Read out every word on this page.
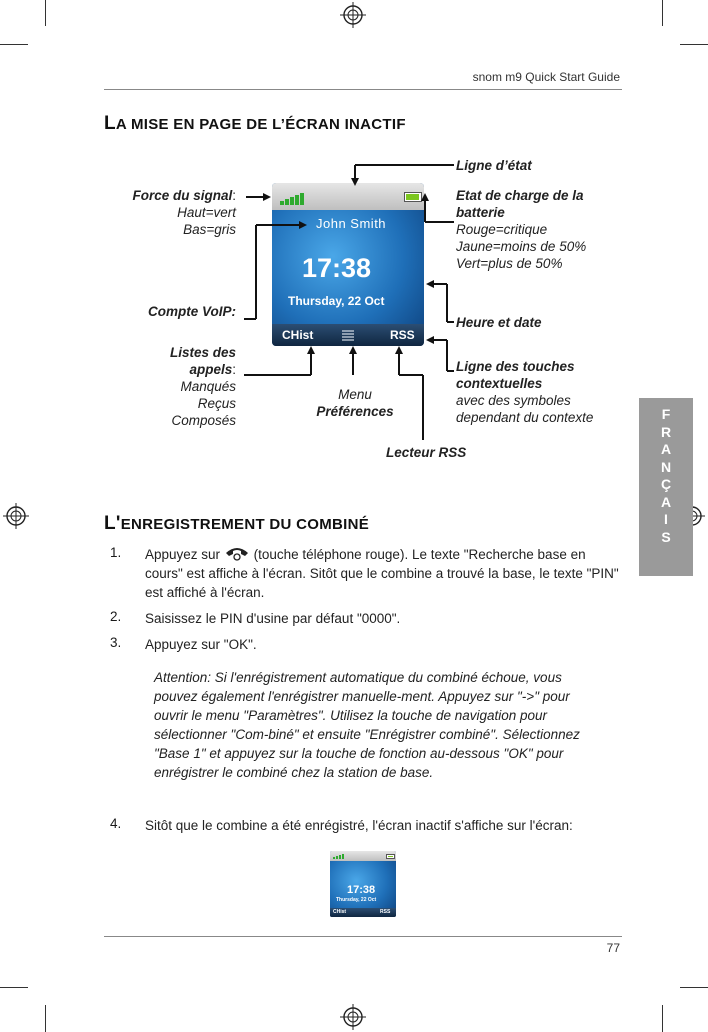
snom m9 Quick Start Guide
LA MISE EN PAGE DE L’ÉCRAN INACTIF
John Smith
17:38
Thursday, 22 Oct
CHist	RSS
Force du signal:
Haut=vert
Bas=gris
Ligne d’état
Etat de charge de la
batterie
Rouge=critique
Jaune=moins de 50%
Vert=plus de 50%
Compte VoIP:
Heure et date
Listes des
appels:
Manqués
Reçus
Composés
Menu
Préférences
Ligne des touches
contextuelles
avec des symboles
dependant du contexte
Lecteur RSS
L'ENREGISTREMENT DU COMBINÉ
1. Appuyez sur (touche téléphone rouge). Le texte "Recherche base en cours" est affiche à l'écran. Sitôt que le combine a trouvé la base, le texte "PIN" est affiché à l'écran.
2. Saisissez le PIN d'usine par défaut "0000".
3. Appuyez sur "OK".
Attention: Si l'enrégistrement automatique du combiné échoue, vous pouvez également l'enrégistrer manuelle-ment. Appuyez sur "->" pour ouvrir le menu "Paramètres". Utilisez la touche de navigation pour sélectionner "Com-biné" et ensuite "Enrégistrer combiné". Sélectionnez "Base 1" et appuyez sur la touche de fonction au-dessous "OK" pour enrégistrer le combiné chez la station de base.
4. Sitôt que le combine a été enrégistré, l'écran inactif s'affiche sur l'écran:
17:38
Thursday, 22 Oct
CHist	RSS
F
R
A
N
Ç
A
I
S
77
